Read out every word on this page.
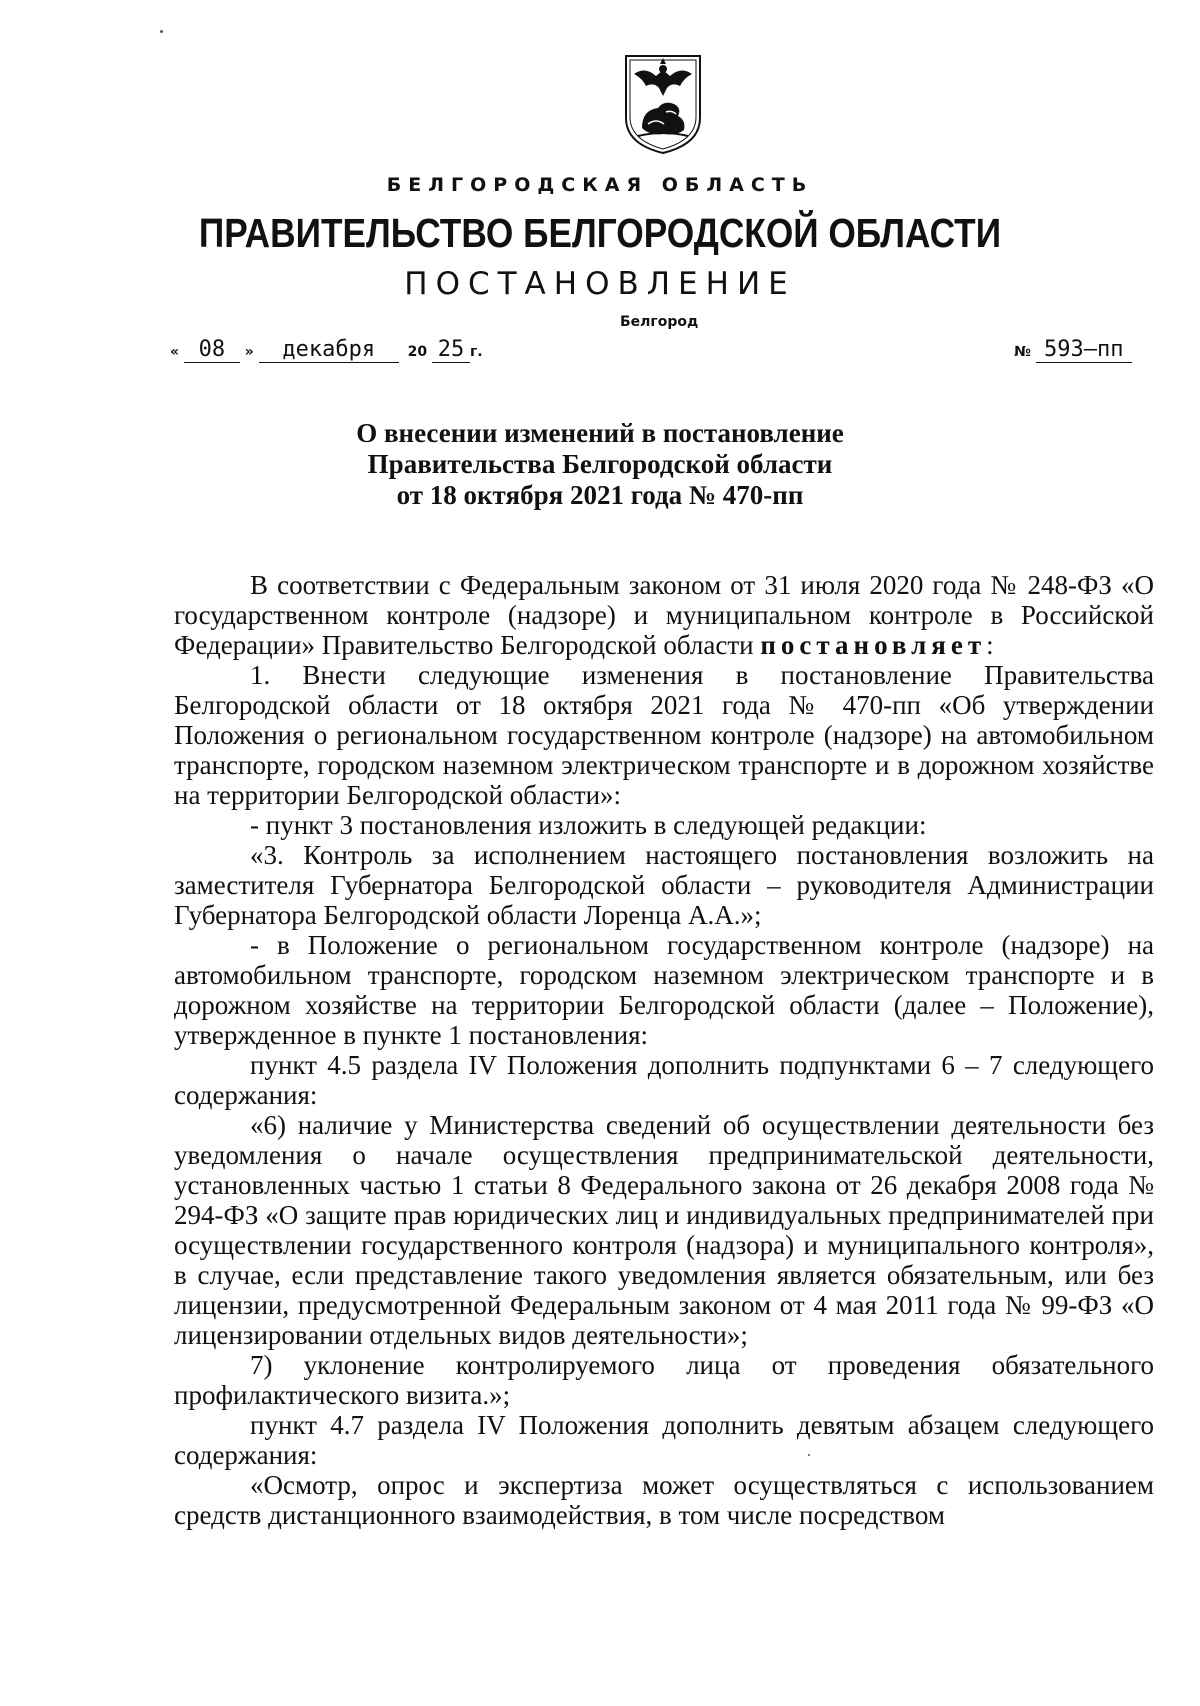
БЕЛГОРОДСКАЯ ОБЛАСТЬ
ПРАВИТЕЛЬСТВО БЕЛГОРОДСКОЙ ОБЛАСТИ
ПОСТАНОВЛЕНИЕ
Белгород
« 08 » декабря 20 25 г.	№ 593–пп
О внесении изменений в постановление
Правительства Белгородской области
от 18 октября 2021 года № 470-пп

В соответствии с Федеральным законом от 31 июля 2020 года № 248-ФЗ «О государственном контроле (надзоре) и муниципальном контроле в Российской Федерации» Правительство Белгородской области постановляет:

1. Внести следующие изменения в постановление Правительства Белгородской области от 18 октября 2021 года № 470-пп «Об утверждении Положения о региональном государственном контроле (надзоре) на автомобильном транспорте, городском наземном электрическом транспорте и в дорожном хозяйстве на территории Белгородской области»:

- пункт 3 постановления изложить в следующей редакции:

«3. Контроль за исполнением настоящего постановления возложить на заместителя Губернатора Белгородской области – руководителя Администрации Губернатора Белгородской области Лоренца А.А.»;

- в Положение о региональном государственном контроле (надзоре) на автомобильном транспорте, городском наземном электрическом транспорте и в дорожном хозяйстве на территории Белгородской области (далее – Положение), утвержденное в пункте 1 постановления:

пункт 4.5 раздела IV Положения дополнить подпунктами 6 – 7 следующего содержания:

«6) наличие у Министерства сведений об осуществлении деятельности без уведомления о начале осуществления предпринимательской деятельности, установленных частью 1 статьи 8 Федерального закона от 26 декабря 2008 года № 294-ФЗ «О защите прав юридических лиц и индивидуальных предпринимателей при осуществлении государственного контроля (надзора) и муниципального контроля», в случае, если представление такого уведомления является обязательным, или без лицензии, предусмотренной Федеральным законом от 4 мая 2011 года № 99-ФЗ «О лицензировании отдельных видов деятельности»;

7) уклонение контролируемого лица от проведения обязательного профилактического визита.»;

пункт 4.7 раздела IV Положения дополнить девятым абзацем следующего содержания:

«Осмотр, опрос и экспертиза может осуществляться с использованием средств дистанционного взаимодействия, в том числе посредством
